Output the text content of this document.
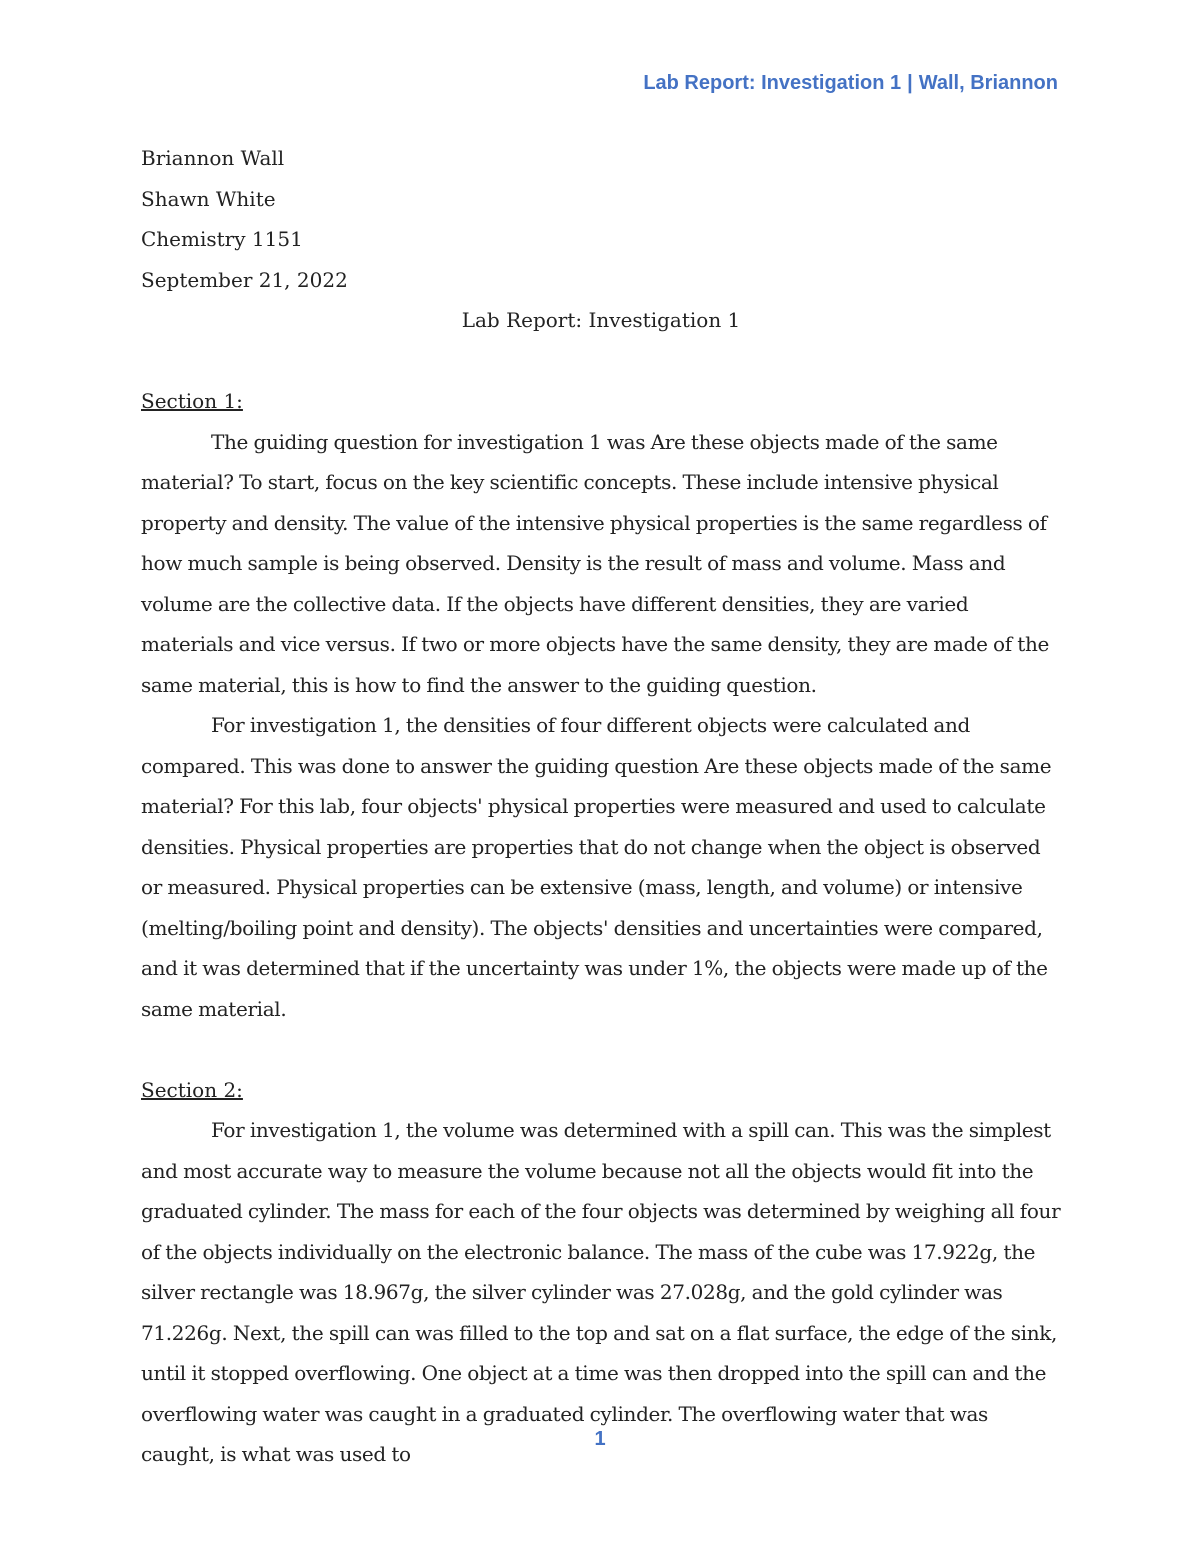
Lab Report: Investigation 1 | Wall, Briannon

Briannon Wall

Shawn White

Chemistry 1151

September 21, 2022

Lab Report: Investigation 1

Section 1:

The guiding question for investigation 1 was Are these objects made of the same material? To start, focus on the key scientific concepts. These include intensive physical property and density. The value of the intensive physical properties is the same regardless of how much sample is being observed. Density is the result of mass and volume. Mass and volume are the collective data. If the objects have different densities, they are varied materials and vice versus. If two or more objects have the same density, they are made of the same material, this is how to find the answer to the guiding question.

For investigation 1, the densities of four different objects were calculated and compared. This was done to answer the guiding question Are these objects made of the same material? For this lab, four objects' physical properties were measured and used to calculate densities. Physical properties are properties that do not change when the object is observed or measured. Physical properties can be extensive (mass, length, and volume) or intensive (melting/boiling point and density). The objects' densities and uncertainties were compared, and it was determined that if the uncertainty was under 1%, the objects were made up of the same material.

Section 2:

For investigation 1, the volume was determined with a spill can. This was the simplest and most accurate way to measure the volume because not all the objects would fit into the graduated cylinder. The mass for each of the four objects was determined by weighing all four of the objects individually on the electronic balance. The mass of the cube was 17.922g, the silver rectangle was 18.967g, the silver cylinder was 27.028g, and the gold cylinder was 71.226g. Next, the spill can was filled to the top and sat on a flat surface, the edge of the sink, until it stopped overflowing. One object at a time was then dropped into the spill can and the overflowing water was caught in a graduated cylinder. The overflowing water that was caught, is what was used to

1
